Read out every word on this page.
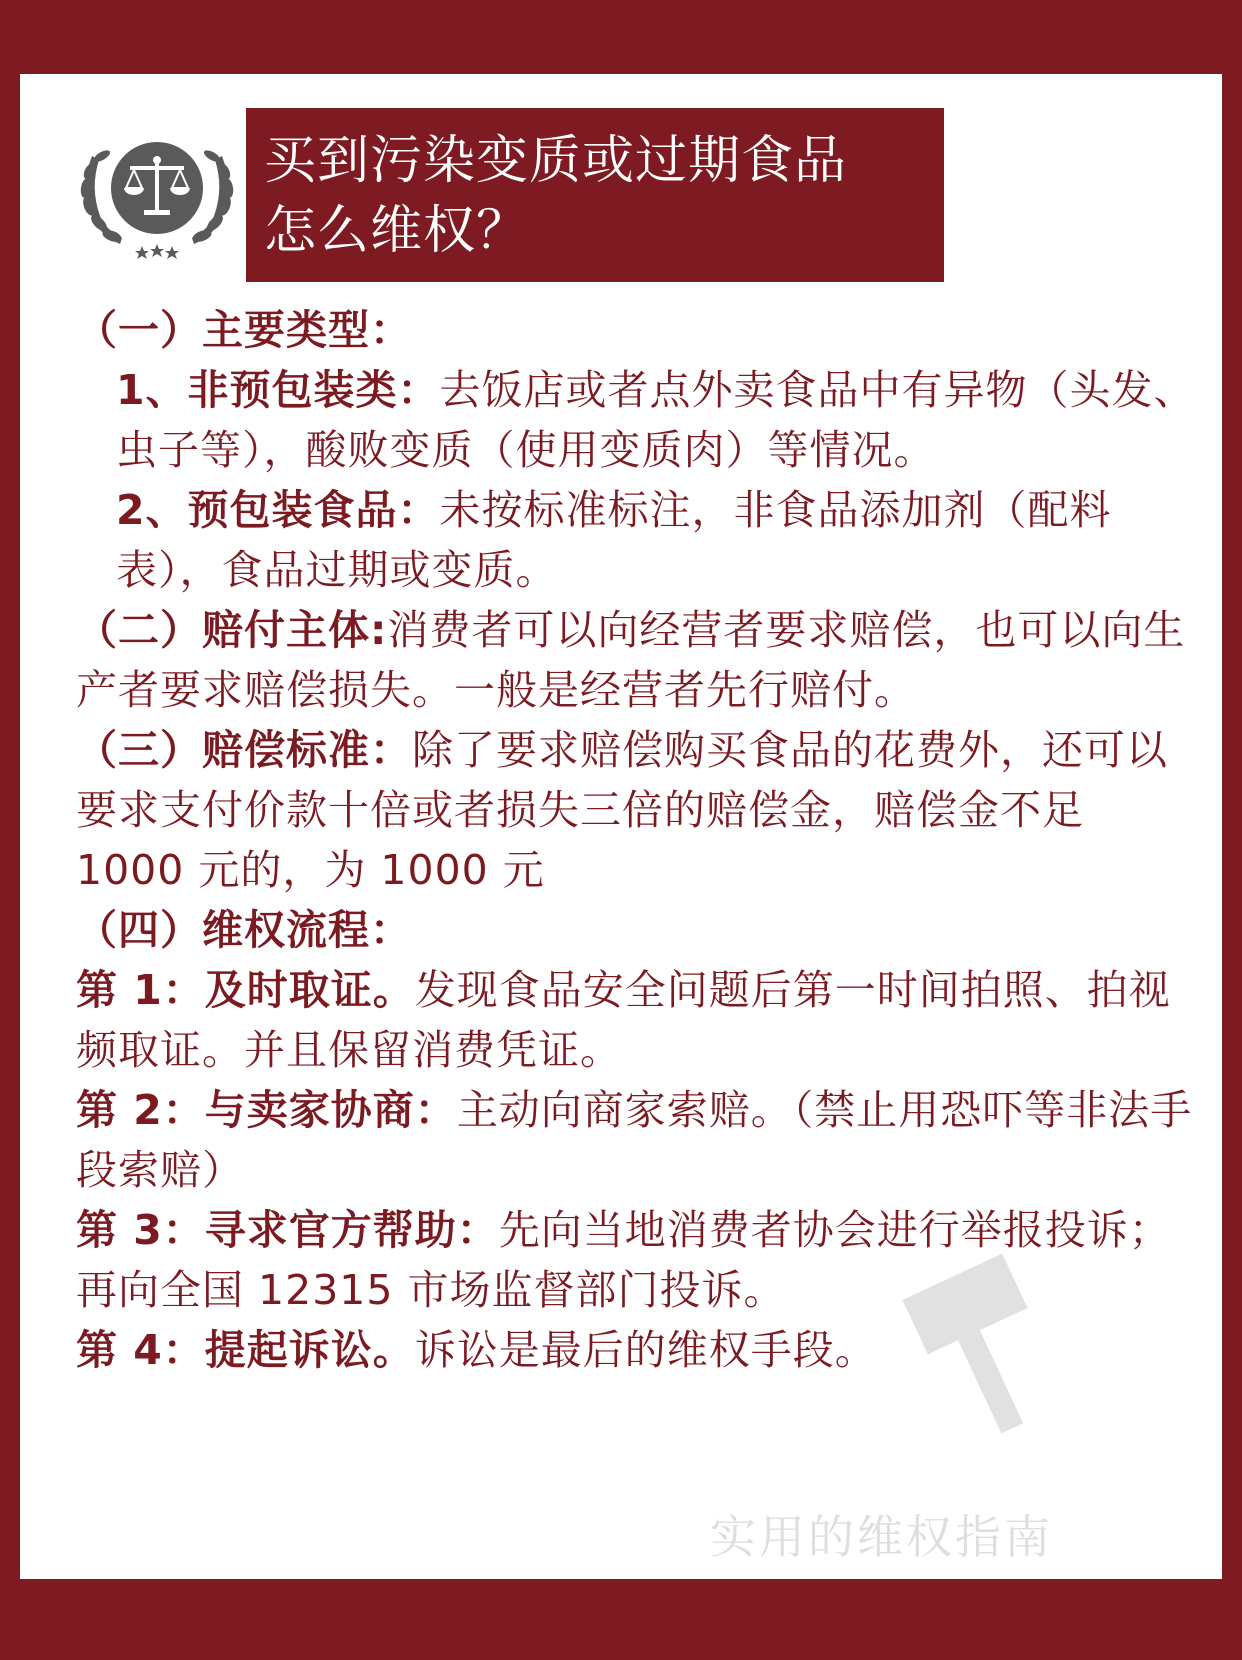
买到污染变质或过期食品
怎么维权？
实用的维权指南

（一）主要类型：

1、非预包装类：去饭店或者点外卖食品中有异物（头发、虫子等），酸败变质（使用变质肉）等情况。

2、预包装食品：未按标准标注，非食品添加剂（配料表），食品过期或变质。

（二）赔付主体:消费者可以向经营者要求赔偿，也可以向生产者要求赔偿损失。一般是经营者先行赔付。

（三）赔偿标准：除了要求赔偿购买食品的花费外，还可以要求支付价款十倍或者损失三倍的赔偿金，赔偿金不足 1000 元的，为 1000 元

（四）维权流程：

第 1：及时取证。发现食品安全问题后第一时间拍照、拍视频取证。并且保留消费凭证。

第 2：与卖家协商：主动向商家索赔。（禁止用恐吓等非法手段索赔）

第 3：寻求官方帮助：先向当地消费者协会进行举报投诉；再向全国 12315 市场监督部门投诉。

第 4：提起诉讼。诉讼是最后的维权手段。
